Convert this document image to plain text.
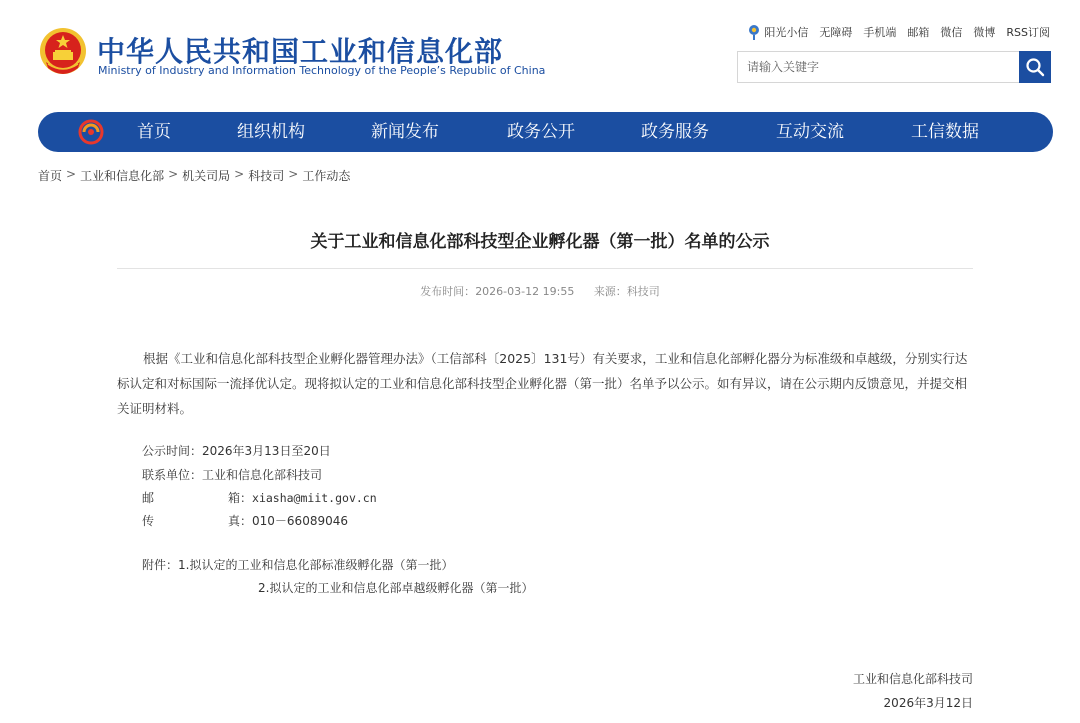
中华人民共和国工业和信息化部
Ministry of Industry and Information Technology of the People’s Republic of China
阳光小信 无障碍 手机端 邮箱 微信 微博 RSS订阅
请输入关键字
首页	组织机构	新闻发布	政务公开	政务服务	互动交流	工信数据
首页 > 工业和信息化部 > 机关司局 > 科技司 > 工作动态
关于工业和信息化部科技型企业孵化器（第一批）名单的公示
发布时间：2026-03-12 19:55 来源：科技司
根据《工业和信息化部科技型企业孵化器管理办法》（工信部科〔2025〕131号）有关要求，工业和信息化部孵化器分为标准级和卓越级，分别实行达标认定和对标国际一流择优认定。现将拟认定的工业和信息化部科技型企业孵化器（第一批）名单予以公示。如有异议，请在公示期内反馈意见，并提交相关证明材料。
公示时间：2026年3月13日至20日
联系单位：工业和信息化部科技司
邮	箱：xiasha@miit.gov.cn
传	真：010－66089046
附件：1.拟认定的工业和信息化部标准级孵化器（第一批）
2.拟认定的工业和信息化部卓越级孵化器（第一批）
工业和信息化部科技司
2026年3月12日
